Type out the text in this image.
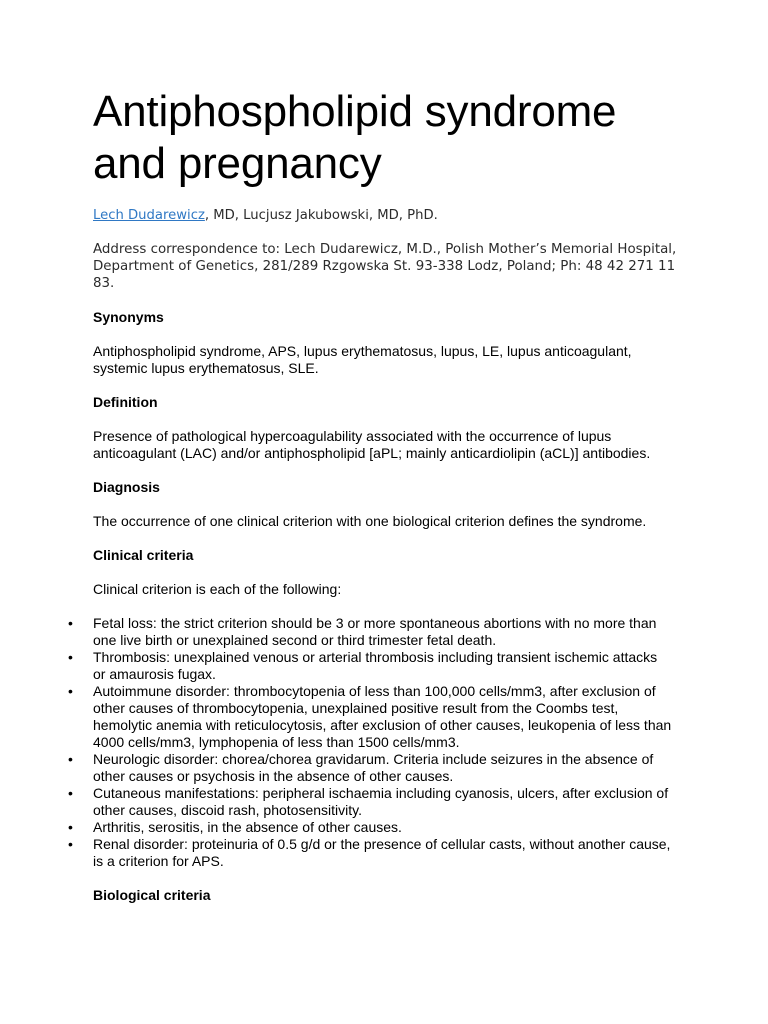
Antiphospholipid syndrome and pregnancy
Lech Dudarewicz, MD, Lucjusz Jakubowski, MD, PhD.
Address correspondence to: Lech Dudarewicz, M.D., Polish Mother’s Memorial Hospital, Department of Genetics, 281/289 Rzgowska St. 93-338 Lodz, Poland; Ph: 48 42 271 11 83.

Synonyms

Antiphospholipid syndrome, APS, lupus erythematosus, lupus, LE, lupus anticoagulant, systemic lupus erythematosus, SLE.

Definition

Presence of pathological hypercoagulability associated with the occurrence of lupus anticoagulant (LAC) and/or antiphospholipid [aPL; mainly anticardiolipin (aCL)] antibodies.

Diagnosis

The occurrence of one clinical criterion with one biological criterion defines the syndrome.

Clinical criteria

Clinical criterion is each of the following:

• Fetal loss: the strict criterion should be 3 or more spontaneous abortions with no more than one live birth or unexplained second or third trimester fetal death.
• Thrombosis: unexplained venous or arterial thrombosis including transient ischemic attacks or amaurosis fugax.
• Autoimmune disorder: thrombocytopenia of less than 100,000 cells/mm3, after exclusion of other causes of thrombocytopenia, unexplained positive result from the Coombs test, hemolytic anemia with reticulocytosis, after exclusion of other causes, leukopenia of less than 4000 cells/mm3, lymphopenia of less than 1500 cells/mm3.
• Neurologic disorder: chorea/chorea gravidarum. Criteria include seizures in the absence of other causes or psychosis in the absence of other causes.
• Cutaneous manifestations: peripheral ischaemia including cyanosis, ulcers, after exclusion of other causes, discoid rash, photosensitivity.
• Arthritis, serositis, in the absence of other causes.
• Renal disorder: proteinuria of 0.5 g/d or the presence of cellular casts, without another cause, is a criterion for APS.

Biological criteria
